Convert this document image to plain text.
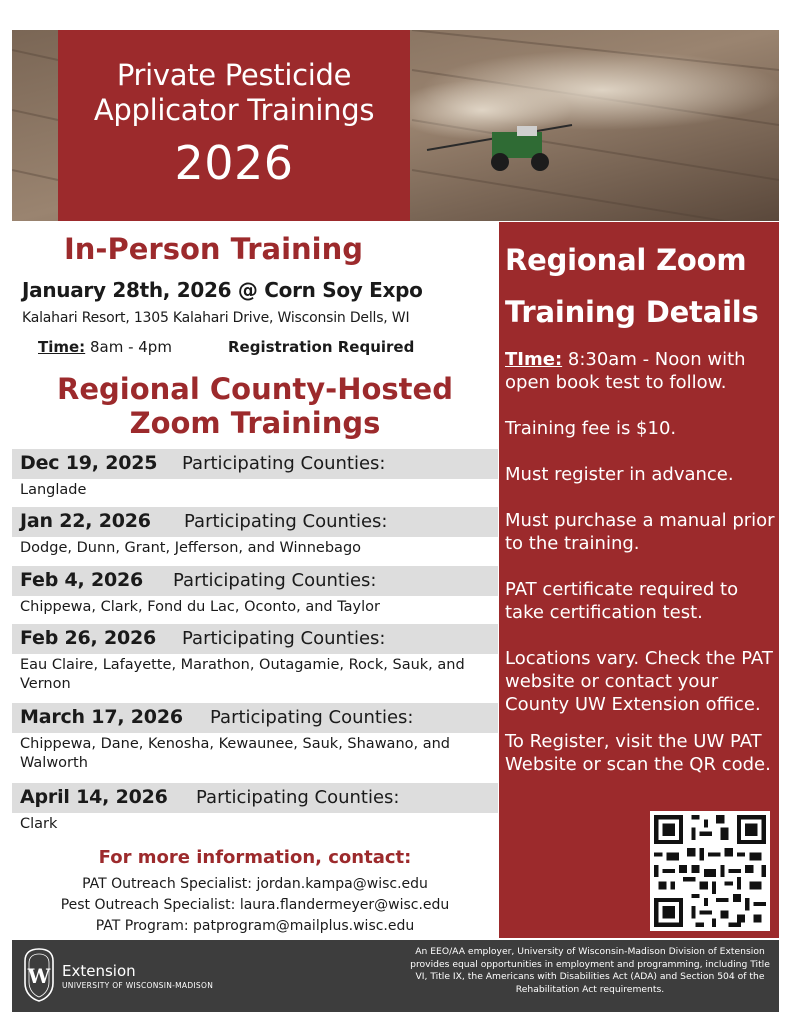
Private Pesticide
Applicator Trainings
2026
In-Person Training
January 28th, 2026 @ Corn Soy Expo
Kalahari Resort, 1305 Kalahari Drive, Wisconsin Dells, WI
Time: 8am - 4pm	Registration Required
Regional County-Hosted
Zoom Trainings
Dec 19, 2025 Participating Counties:
Langlade
Jan 22, 2026 Participating Counties:
Dodge, Dunn, Grant, Jefferson, and Winnebago
Feb 4, 2026 Participating Counties:
Chippewa, Clark, Fond du Lac, Oconto, and Taylor
Feb 26, 2026 Participating Counties:
Eau Claire, Lafayette, Marathon, Outagamie, Rock, Sauk, and Vernon
March 17, 2026 Participating Counties:
Chippewa, Dane, Kenosha, Kewaunee, Sauk, Shawano, and Walworth
April 14, 2026 Participating Counties:
Clark
For more information, contact:
PAT Outreach Specialist: jordan.kampa@wisc.edu
Pest Outreach Specialist: laura.flandermeyer@wisc.edu
PAT Program: patprogram@mailplus.wisc.edu
Regional Zoom
Training Details

TIme: 8:30am - Noon with open book test to follow.

Training fee is $10.

Must register in advance.

Must purchase a manual prior to the training.

PAT certificate required to take certification test.

Locations vary. Check the PAT website or contact your County UW Extension office.

To Register, visit the UW PAT Website or scan the QR code.

W Extension
UNIVERSITY OF WISCONSIN-MADISON
An EEO/AA employer, University of Wisconsin-Madison Division of Extension provides equal opportunities in employment and programming, including Title VI, Title IX, the Americans with Disabilities Act (ADA) and Section 504 of the Rehabilitation Act requirements.
